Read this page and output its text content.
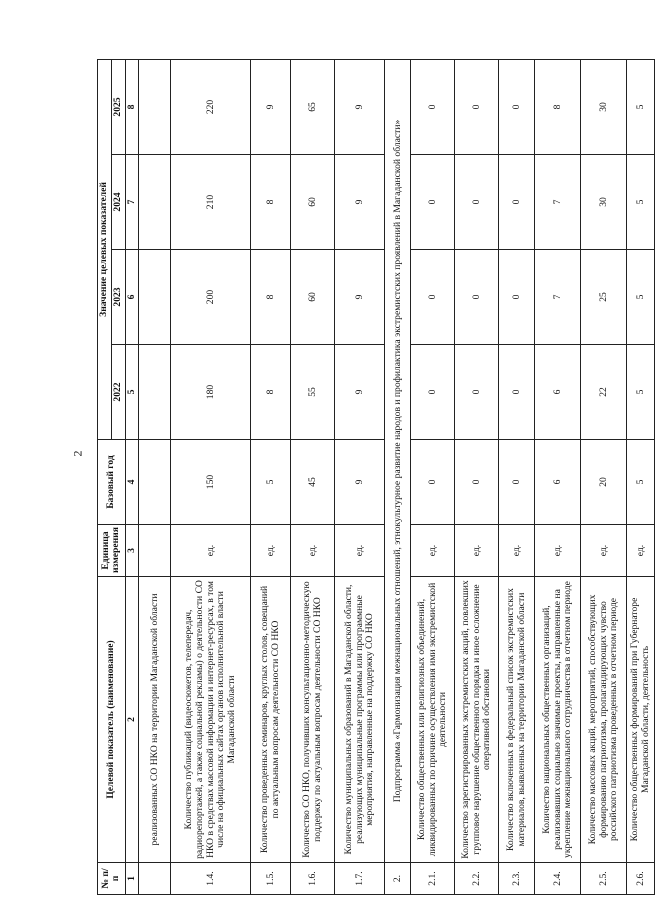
2
№ п/п	Целевой показатель (наименование)	Единица измерения	Базовый год	Значение целевых показателей			
				2022	2023	2024	2025
1	2	3	4	5	6	7	8
	реализованных СО НКО на территории Магаданской области						
1.4.	Количество публикаций (видеосюжетов, телепередач, радиорепортажей, а также социальной рекламы) о деятельности СО НКО в средствах массовой информации и интернет-ресурсах, в том числе на официальных сайтах органов исполнительной власти Магаданской области	ед.	150	180	200	210	220
1.5.	Количество проведенных семинаров, круглых столов, совещаний по актуальным вопросам деятельности СО НКО	ед.	5	8	8	8	9
1.6.	Количество СО НКО, получивших консультационно-методическую поддержку по актуальным вопросам деятельности СО НКО	ед.	45	55	60	60	65
1.7.	Количество муниципальных образований в Магаданской области, реализующих муниципальные программы или программные мероприятия, направленные на поддержку СО НКО	ед.	9	9	9	9	9
2.	Подпрограмма «Гармонизация межнациональных отношений, этнокультурное развитие народов и профилактика экстремистских проявлений в Магаданской области»						
2.1.	Количество общественных или религиозных объединений, ликвидированных по причине осуществления ими экстремистской деятельности	ед.	0	0	0	0	0
2.2.	Количество зарегистрированных экстремистских акций, повлекших групповое нарушение общественного порядка и иное осложнение оперативной обстановки	ед.	0	0	0	0	0
2.3.	Количество включенных в федеральный список экстремистских материалов, выявленных на территории Магаданской области	ед.	0	0	0	0	0
2.4.	Количество национальных общественных организаций, реализовавших социально значимые проекты, направленные на укрепление межнационального сотрудничества в отчетном периоде	ед.	6	6	7	7	8
2.5.	Количество массовых акций, мероприятий, способствующих формированию патриотизма, пропагандирующих чувство российского патриотизма проведенных в отчетном периоде	ед.	20	22	25	30	30
2.6.	Количество общественных формирований при Губернаторе Магаданской области, деятельность	ед.	5	5	5	5	5
